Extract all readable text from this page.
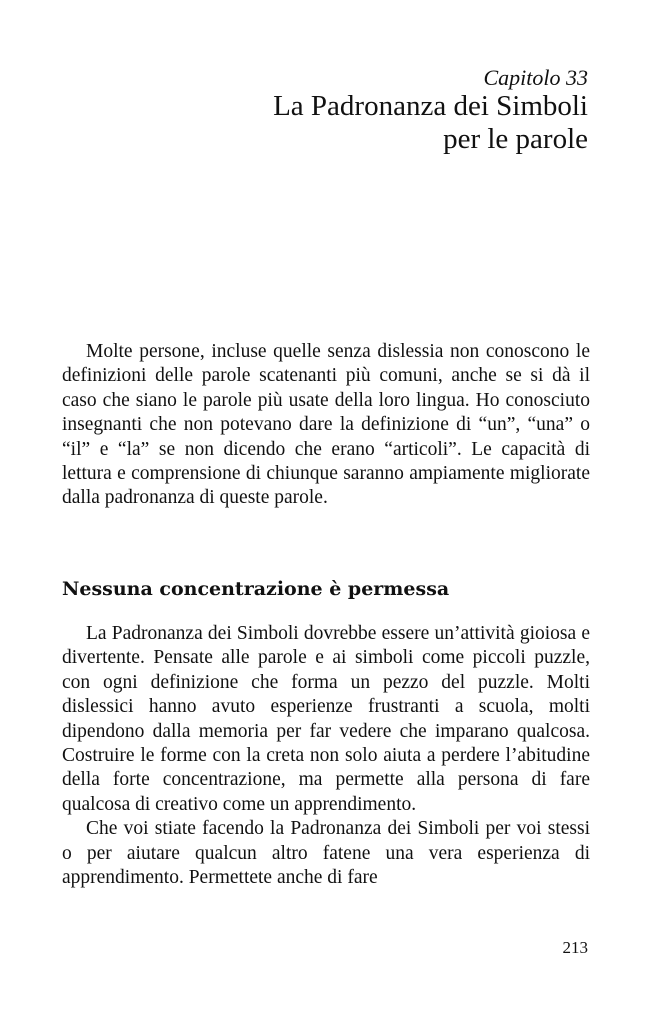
Capitolo 33

La Padronanza dei Simboli
per le parole

Molte persone, incluse quelle senza dislessia non conoscono le definizioni delle parole scatenanti più comuni, anche se si dà il caso che siano le parole più usate della loro lingua. Ho conosciuto insegnanti che non potevano dare la definizione di “un”, “una” o “il” e “la” se non dicendo che erano “articoli”. Le capacità di lettura e comprensione di chiunque saranno ampiamente migliorate dalla padronanza di queste parole.

Nessuna concentrazione è permessa

La Padronanza dei Simboli dovrebbe essere un’attività gioiosa e divertente. Pensate alle parole e ai simboli come piccoli puzzle, con ogni definizione che forma un pezzo del puzzle. Molti dislessici hanno avuto esperienze frustranti a scuola, molti dipendono dalla memoria per far vedere che imparano qualcosa. Costruire le forme con la creta non solo aiuta a perdere l’abitudine della forte concentrazione, ma permette alla persona di fare qualcosa di creativo come un apprendimento.

Che voi stiate facendo la Padronanza dei Simboli per voi stessi o per aiutare qualcun altro fatene una vera esperienza di apprendimento. Permettete anche di fare

213
